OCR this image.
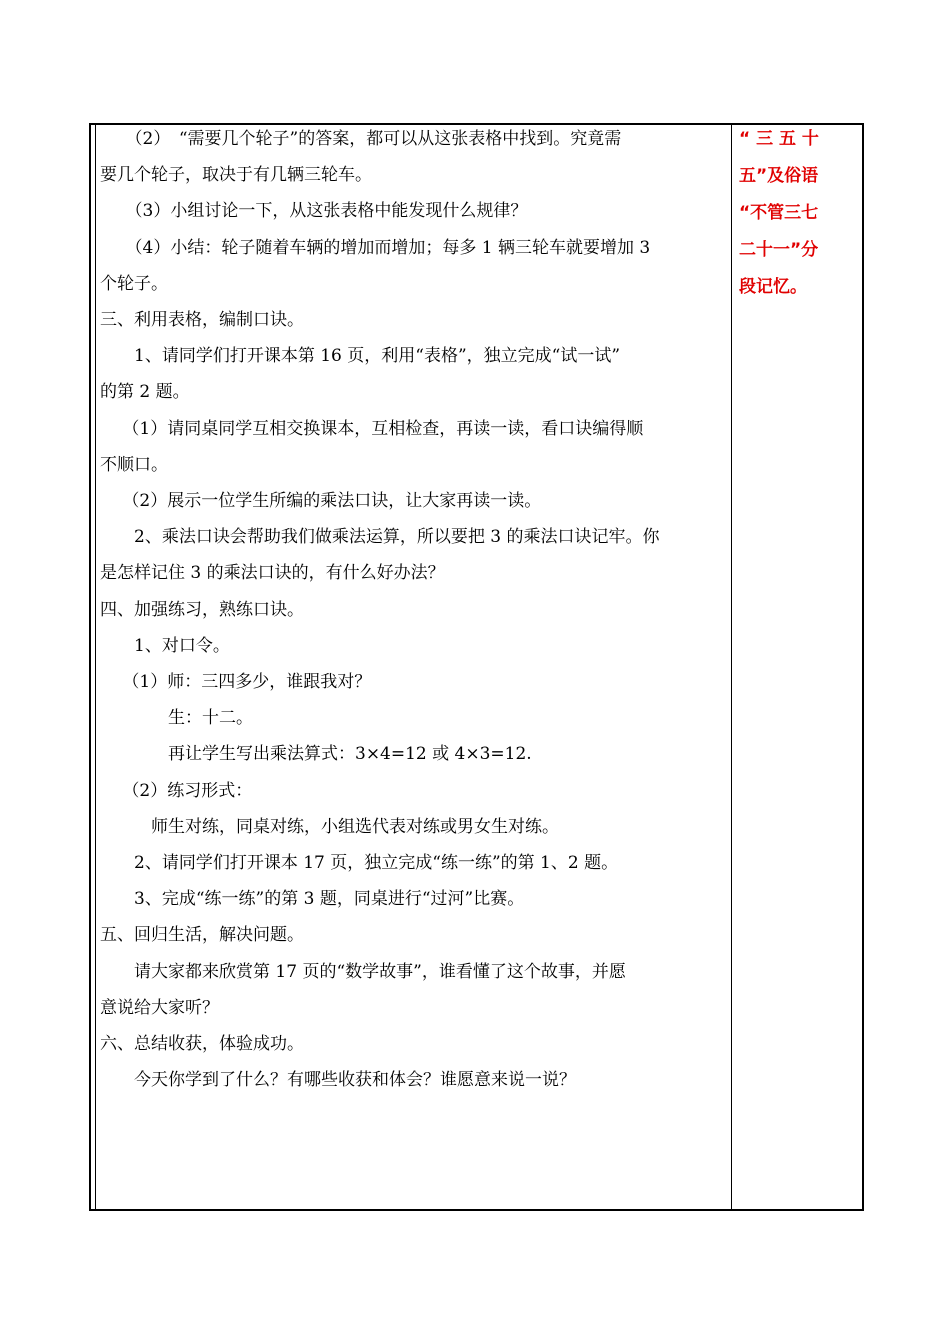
　　（2）　“需要几个轮子”的答案，都可以从这张表格中找到。究竟需
要几个轮子，取决于有几辆三轮车。
　　（3）小组讨论一下，从这张表格中能发现什么规律？
　　（4）小结：轮子随着车辆的增加而增加；每多 1 辆三轮车就要增加 3
个轮子。
三、利用表格，编制口诀。
　　1、请同学们打开课本第 16 页，利用“表格”，独立完成“试一试”
的第 2 题。
　 （1）请同桌同学互相交换课本，互相检查，再读一读，看口诀编得顺
不顺口。
　 （2）展示一位学生所编的乘法口诀，让大家再读一读。
　　2、乘法口诀会帮助我们做乘法运算，所以要把 3 的乘法口诀记牢。你
是怎样记住 3 的乘法口诀的，有什么好办法？
四、加强练习，熟练口诀。
　　1、对口令。
　 （1）师：三四多少，谁跟我对？
　　　　生：十二。
　　　　再让学生写出乘法算式：3×4=12 或 4×3=12.
　 （2）练习形式：
　　　师生对练，同桌对练，小组选代表对练或男女生对练。
　　2、请同学们打开课本 17 页，独立完成“练一练”的第 1、2 题。
　　3、完成“练一练”的第 3 题，同桌进行“过河”比赛。
五、回归生活，解决问题。
　　请大家都来欣赏第 17 页的“数学故事”，谁看懂了这个故事，并愿
意说给大家听？
六、总结收获，体验成功。
　　今天你学到了什么？有哪些收获和体会？谁愿意来说一说？
“ 三 五 十
五”及俗语
“不管三七
二十一”分
段记忆。
